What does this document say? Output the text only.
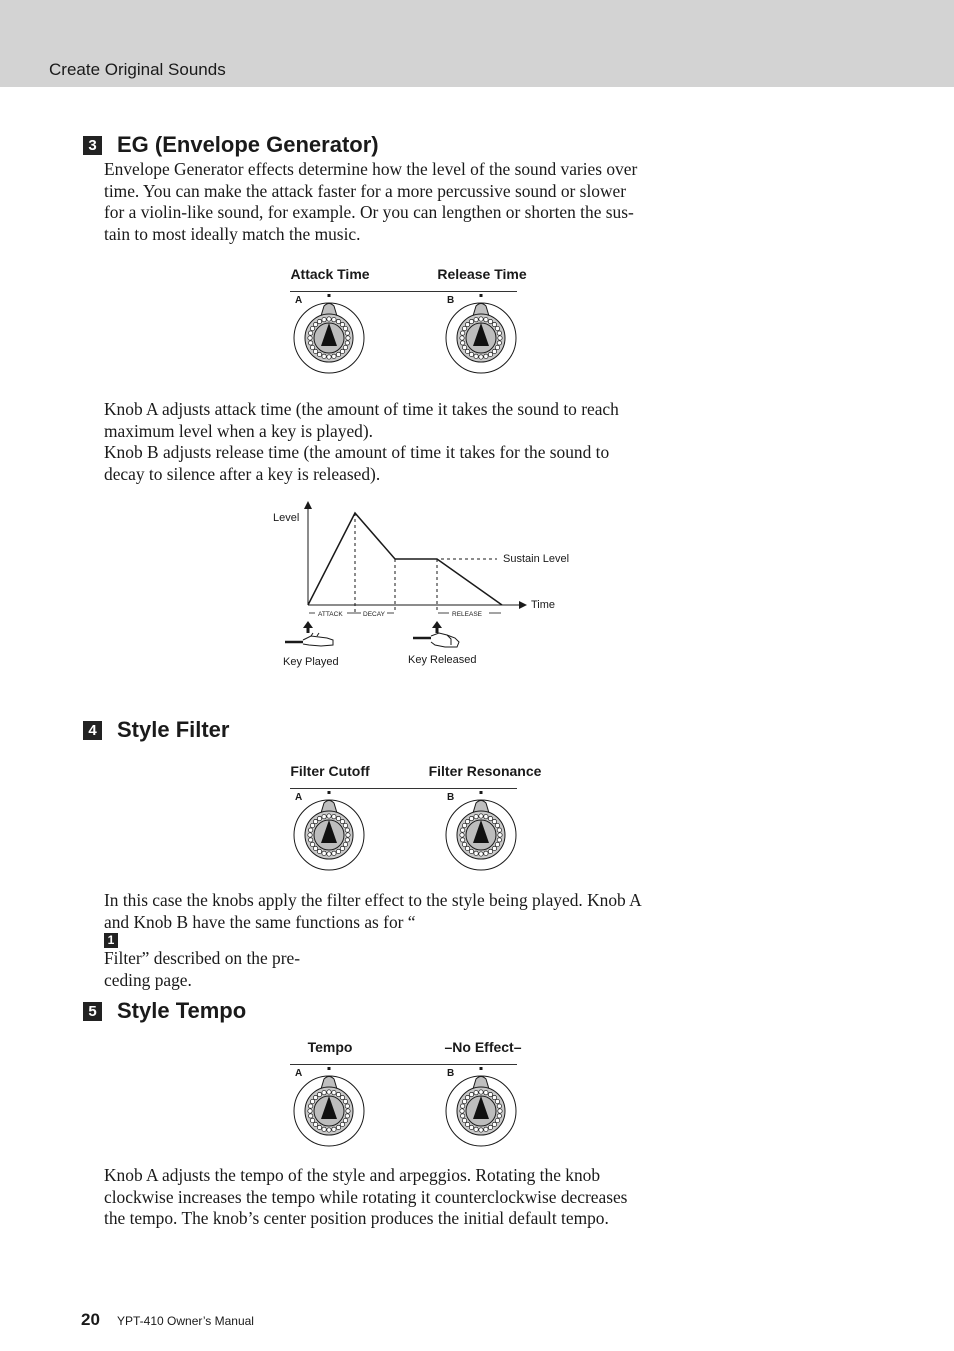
Create Original Sounds
3 EG (Envelope Generator)
Envelope Generator effects determine how the level of the sound varies over
time. You can make the attack faster for a more percussive sound or slower
for a violin-like sound, for example. Or you can lengthen or shorten the sus-
tain to most ideally match the music.
Attack Time	Release Time
A	B
Knob A adjusts attack time (the amount of time it takes the sound to reach
maximum level when a key is played).
Knob B adjusts release time (the amount of time it takes for the sound to
decay to silence after a key is released).
Level
Time
Sustain Level
ATTACK	DECAY	RELEASE
Key Played	Key Released
4 Style Filter
Filter Cutoff	Filter Resonance
A	B
In this case the knobs apply the filter effect to the style being played. Knob A
and Knob B have the same functions as for “
1
Filter” described on the pre-
ceding page.
5 Style Tempo
Tempo	–No Effect–
A	B
Knob A adjusts the tempo of the style and arpeggios. Rotating the knob
clockwise increases the tempo while rotating it counterclockwise decreases
the tempo. The knob’s center position produces the initial default tempo.
20 YPT-410 Owner’s Manual
